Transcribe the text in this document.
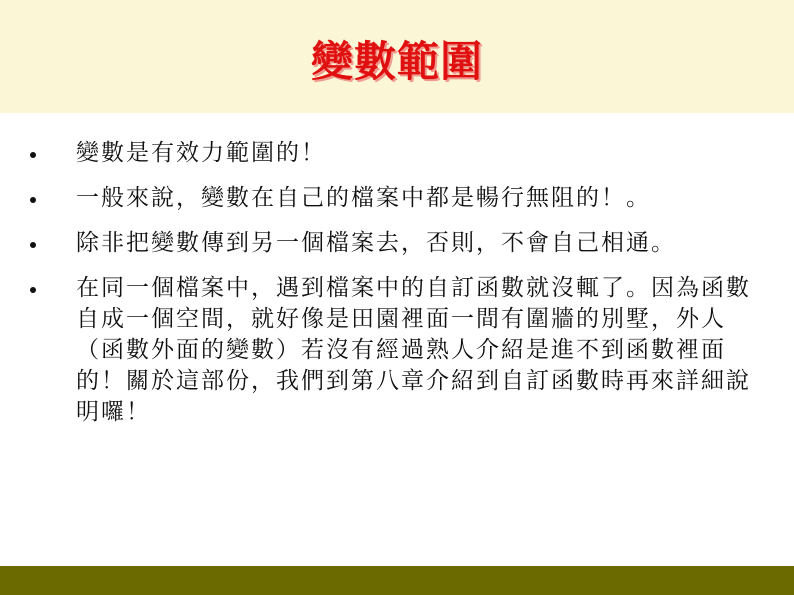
變數範圍
變數是有效力範圍的！
一般來說，變數在自己的檔案中都是暢行無阻的！。
除非把變數傳到另一個檔案去，否則，不會自己相通。
在同一個檔案中，遇到檔案中的自訂函數就沒輒了。因為函數自成一個空間，就好像是田園裡面一間有圍牆的別墅，外人（函數外面的變數）若沒有經過熟人介紹是進不到函數裡面的！關於這部份，我們到第八章介紹到自訂函數時再來詳細說明囉！
